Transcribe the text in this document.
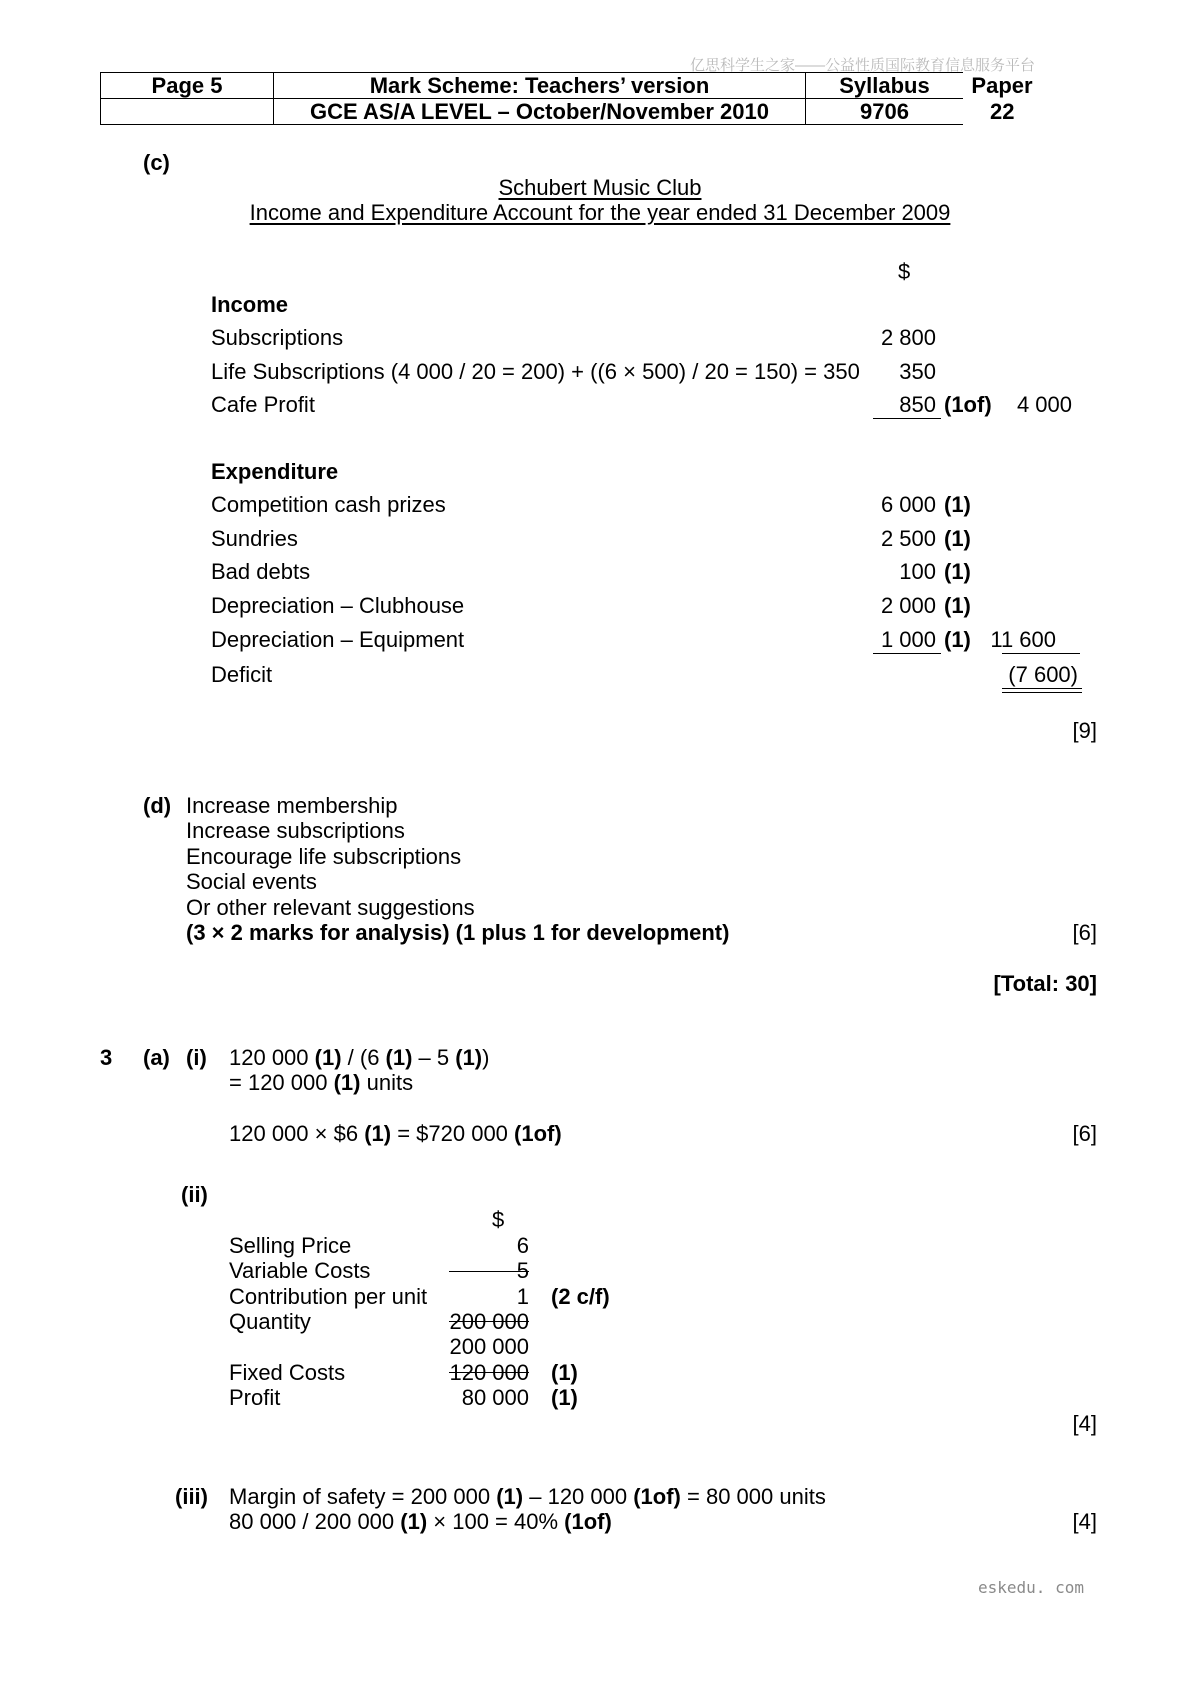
亿思科学生之家——公益性质国际教育信息服务平台
Page 5	Mark Scheme: Teachers’ version	Syllabus	Paper
	GCE AS/A LEVEL – October/November 2010	9706	22
(c)
Schubert Music Club
Income and Expenditure Account for the year ended 31 December 2009
$
Income
Subscriptions	2 800
Life Subscriptions (4 000 / 20 = 200) + ((6 × 500) / 20 = 150) = 350	350
Cafe Profit	850 (1of)	4 000
Expenditure
Competition cash prizes	6 000 (1)
Sundries	2 500 (1)
Bad debts	100 (1)
Depreciation – Clubhouse	2 000 (1)
Depreciation – Equipment	1 000 (1) 11 600
Deficit	(7 600)
[9]
(d) Increase membership
Increase subscriptions
Encourage life subscriptions
Social events
Or other relevant suggestions
(3 × 2 marks for analysis) (1 plus 1 for development)	[6]
[Total: 30]
3 (a) (i) 120 000 (1) / (6 (1) – 5 (1))
= 120 000 (1) units
120 000 × $6 (1) = $720 000 (1of)	[6]
(ii)
$
Selling Price	6
Variable Costs	5
Contribution per unit	1 (2 c/f)
Quantity	200 000
200 000
Fixed Costs	120 000 (1)
Profit	80 000 (1)
[4]
(iii) Margin of safety = 200 000 (1) – 120 000 (1of) = 80 000 units
80 000 / 200 000 (1) × 100 = 40% (1of)	[4]
eskedu. com
